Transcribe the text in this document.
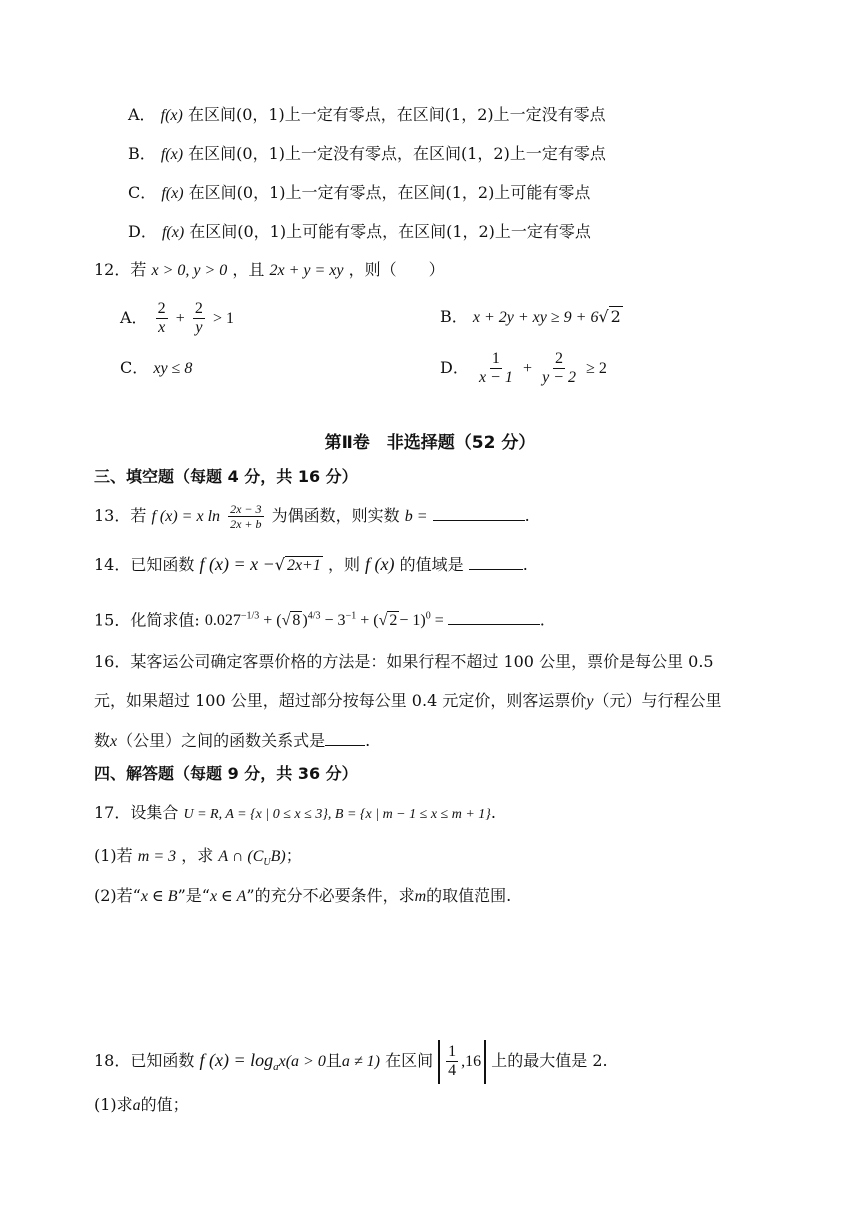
A． f(x) 在区间(0，1)上一定有零点，在区间(1，2)上一定没有零点
B． f(x) 在区间(0，1)上一定没有零点，在区间(1，2)上一定有零点
C． f(x) 在区间(0，1)上一定有零点，在区间(1，2)上可能有零点
D． f(x) 在区间(0，1)上可能有零点，在区间(1，2)上一定有零点
12．若 x > 0, y > 0 ，且 2x + y = xy ，则（　　）
A． $\frac{2}{x} + \frac{2}{y} > 1$	B． x + 2y + xy ≥ 9 + 6√ 2
C． xy ≤ 8	D． $\frac{1}{x - 1} + \frac{2}{y - 2} \ge 2$
第Ⅱ卷　非选择题（52 分）
三、填空题（每题 4 分，共 16 分）
13．若 f (x) = x $\ln \frac{2x - 3}{2x + b}$ 为偶函数，则实数 b =	.
14．已知函数 f (x) = x −√ 2x+1 ，则 f (x) 的值域是	.
15．化简求值: $0.027^{-1/3}$ + (√ 8 )$^{4/3} - 3^{-1}$ + (√ 2 − 1)$^0$ =	.
16．某客运公司确定客票价格的方法是：如果行程不超过 100 公里，票价是每公里 0.5
元，如果超过 100 公里，超过部分按每公里 0.4 元定价，则客运票价y（元）与行程公里
数x（公里）之间的函数关系式是	.
四、解答题（每题 9 分，共 36 分）
17．设集合 U = R, A = {x | 0 ≤ x ≤ 3}, B = {x | m − 1 ≤ x ≤ m + 1}.
(1)若 m = 3 ，求 A ∩ $(C_UB)$；
(2)若“x ∈ B”是“x ∈ A”的充分不必要条件，求m的取值范围.
18．已知函数 f $(x) = \log_ax(a > 0$且a ≠ 1) 在区间 $\frac{1}{4} ,16$ 上的最大值是 2.
(1)求a的值；
